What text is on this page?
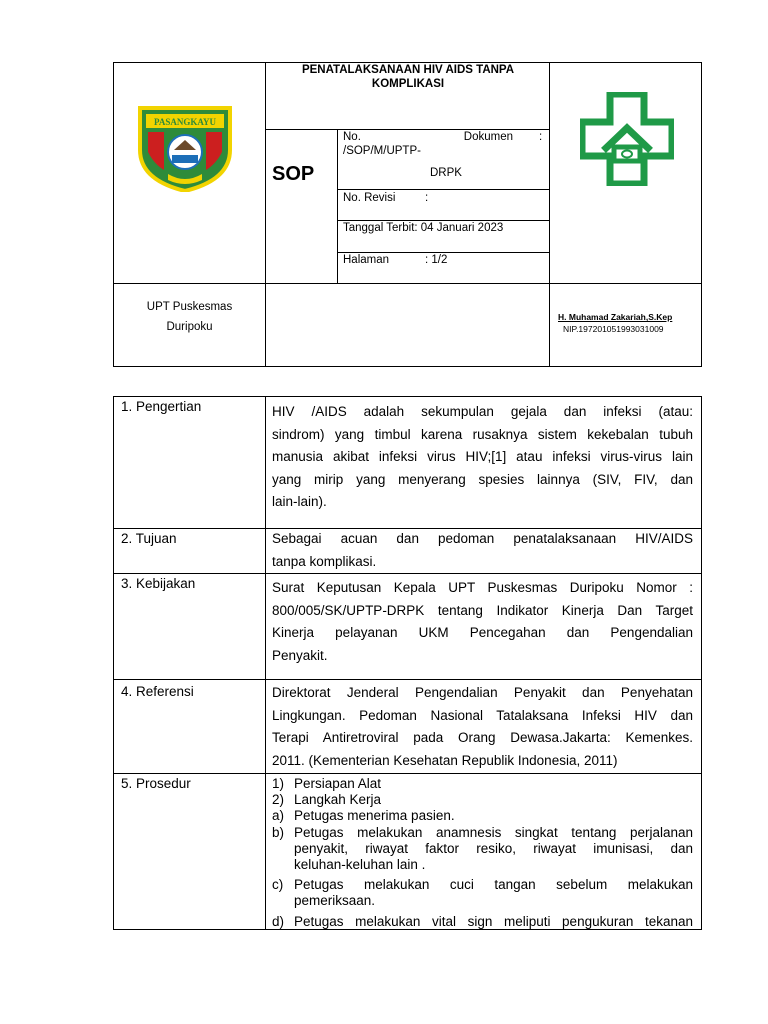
PASANGKAYU
PENATALAKSANAAN HIV AIDS TANPA KOMPLIKASI
SOP
No. Dokumen :
/SOP/M/UPTP-
DRPK
No. Revisi	:
Tanggal Terbit: 04 Januari 2023
Halaman	: 1/2
UPT Puskesmas
Duripoku
H. Muhamad Zakariah,S.Kep
NIP.197201051993031009
1. Pengertian
2. Tujuan
3. Kebijakan
4. Referensi
5. Prosedur
HIV /AIDS adalah sekumpulan gejala dan infeksi (atau:
sindrom) yang timbul karena rusaknya sistem kekebalan tubuh
manusia akibat infeksi virus HIV;[1] atau infeksi virus-virus lain
yang mirip yang menyerang spesies lainnya (SIV, FIV, dan
lain-lain).
Sebagai acuan dan pedoman penatalaksanaan HIV/AIDS
tanpa komplikasi.
Surat Keputusan Kepala UPT Puskesmas Duripoku Nomor :
800/005/SK/UPTP-DRPK tentang Indikator Kinerja Dan Target
Kinerja pelayanan UKM Pencegahan dan Pengendalian
Penyakit.
Direktorat Jenderal Pengendalian Penyakit dan Penyehatan
Lingkungan. Pedoman Nasional Tatalaksana Infeksi HIV dan
Terapi Antiretroviral pada Orang Dewasa.Jakarta: Kemenkes.
2011. (Kementerian Kesehatan Republik Indonesia, 2011)
1) Persiapan Alat
2) Langkah Kerja
a) Petugas menerima pasien.
b) Petugas melakukan anamnesis singkat tentang perjalanan
penyakit, riwayat faktor resiko, riwayat imunisasi, dan
keluhan-keluhan lain .
c) Petugas melakukan cuci tangan sebelum melakukan
pemeriksaan.
d) Petugas melakukan vital sign meliputi pengukuran tekanan
